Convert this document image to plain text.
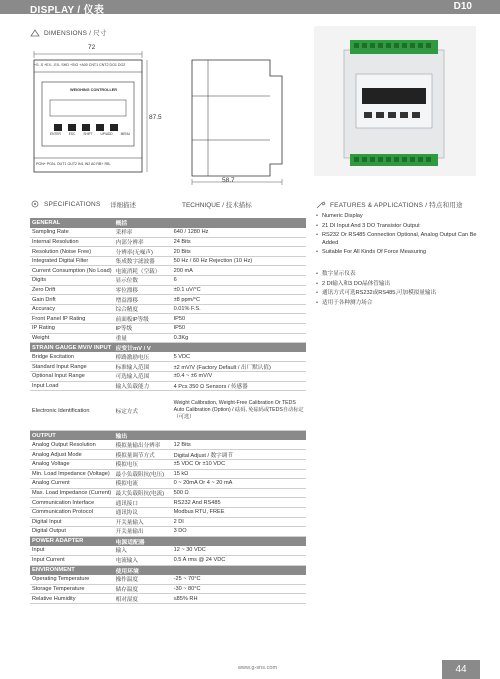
DISPLAY / 仪表	D10
DIMENSIONS / 尺寸
72
87.5
58.7
+S -S +EX- -EX- SHD +SIG +A00 CNT1 CNT2 DO1 DO2
WEIGHING CONTROLLER
ENTER ESC SHIFT UP/ADD MENU
PGN+ PGN- OUT1 OUT2 IN1 IN2 A0 RB+ RB-
SPECIFICATIONS 详细描述	TECHNIQUE / 技术描标
GENERAL	概括	
Sampling Rate	采样率	640 / 1280 Hz
Internal Resolution	内部分辨率	24 Bits
Resolution (Noise Free)	分辨率(无噪声)	20 Bits
Integrated Digital Filter	集成数字滤波器	50 Hz / 60 Hz Rejection (10 Hz)
Current Consumption (No Load)	电流消耗（空载）	200 mA
Digits	显示位数	6
Zero Drift	零位漂移	±0.1 uV/°C
Gain Drift	增益漂移	±8 ppm/°C
Accuracy	综合精度	0.01% F.S.
Front Panel IP Rating	前面板IP等级	IP50
IP Rating	IP等级	IP50
Weight	重量	0.3Kg
STRAIN GAUGE MV/V INPUT	应变计mV / V	
Bridge Excitation	桥路激励电压	5 VDC
Standard Input Range	标准输入范围	±2 mV/V (Factory Default / 出厂默认值)
Optional Input Range	可选输入范围	±0.4 ~ ±6 mV/V
Input Load	输入负载能力	4 Pcs 350 Ω Sensors / 传感器
Electronic Identification	标定方式	Weight Calibration, Weight-Free Calibration Or TEDS Auto Calibration (Option) / 砝码, 免砝码或TEDS自动标定（可选）
OUTPUT	输出	
Analog Output Resolution	模拟量输出分辨率	12 Bits
Analog Adjust Mode	模拟量调节方式	Digital Adjust / 数字调节
Analog Voltage	模拟电压	±5 VDC Or ±10 VDC
Min. Load Impedance (Voltage)	最小负载阻抗(电压)	15 kΩ
Analog Current	模拟电流	0 ~ 20mA Or 4 ~ 20 mA
Max. Load Impedance (Current)	最大负载阻抗(电流)	500 Ω
Communication Interface	通讯接口	RS232 And RS485
Communication Protocol	通讯协议	Modbus RTU, FREE
Digital Input	开关量输入	2 DI
Digital Output	开关量输出	3 DO
POWER ADAPTER	电源适配器	
Input	输入	12 ~ 30 VDC
Input Current	电流输入	0.5 A rms @ 24 VDC
ENVIRONMENT	使用环境	
Operating Temperature	操作温度	-25 ~ 70°C
Storage Temperature	储存温度	-30 ~ 80°C
Relative Humidity	相对湿度	≤85% RH
FEATURES & APPLICATIONS / 特点和用途
• Numeric Display
• 21 DI Input And 3 DO Transistor Output
• RS232 Or RS485 Connection Optional, Analog Output Can Be Added
• Suitable For All Kinds Of Force Measuring
• 数字显示仪表
• 2 DI输入和3 DO晶体管输出
• 通讯方式可选RS232或RS485,可加模拟量输出
• 适用于各种测力场合
www.g-sns.com	44
